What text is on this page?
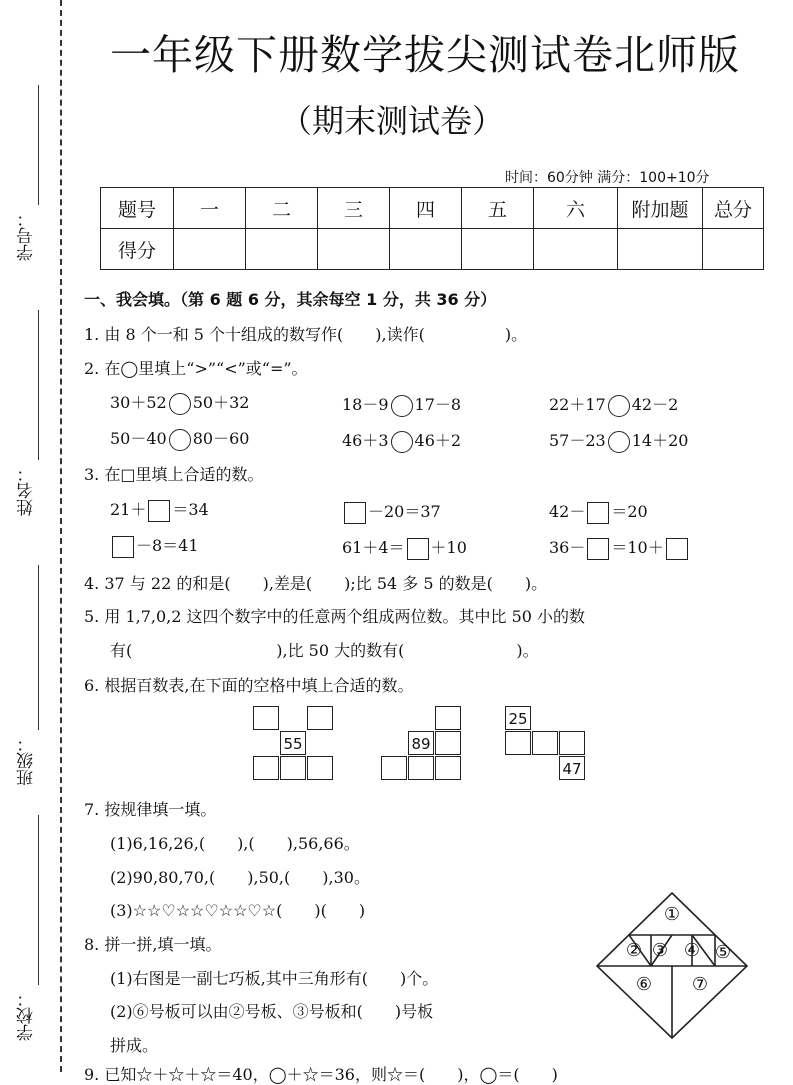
学号：
姓名：
班级：
学校：
一年级下册数学拔尖测试卷北师版
（期末测试卷）
时间：60分钟 满分：100+10分
题号	一	二	三	四	五	六	附加题	总分
得分								
一、我会填。（第 6 题 6 分，其余每空 1 分，共 36 分）
1. 由 8 个一和 5 个十组成的数写作(　　),读作(　　　　　)。
2. 在◯里填上“>”“<”或“=”。
30＋52 50＋32	18－9 17－8	22＋17 42－2
50－40 80－60	46＋3 46＋2	57－23 14＋20
3. 在□里填上合适的数。
21＋ ＝34	－20＝37	42－ ＝20
－8＝41	61＋4＝ ＋10	36－ ＝10＋
4. 37 与 22 的和是(　　),差是(　　);比 54 多 5 的数是(　　)。
5. 用 1,7,0,2 这四个数字中的任意两个组成两位数。其中比 50 小的数
有(　　　　　　　　　),比 50 大的数有(　　　　　　　)。
6. 根据百数表,在下面的空格中填上合适的数。
55	89
25
47
7. 按规律填一填。
(1)6,16,26,(　　),(　　),56,66。
(2)90,80,70,(　　),50,(　　),30。
(3)☆☆♡☆☆♡☆☆♡☆(　　)(　　)
8. 拼一拼,填一填。
(1)右图是一副七巧板,其中三角形有(　　)个。
(2)⑥号板可以由②号板、③号板和(　　)号板
拼成。
①
② ③ ④ ⑤
⑥ ⑦
9. 已知☆＋☆＋☆＝40，◯＋☆＝36，则☆＝(　　)，◯＝(　　)
